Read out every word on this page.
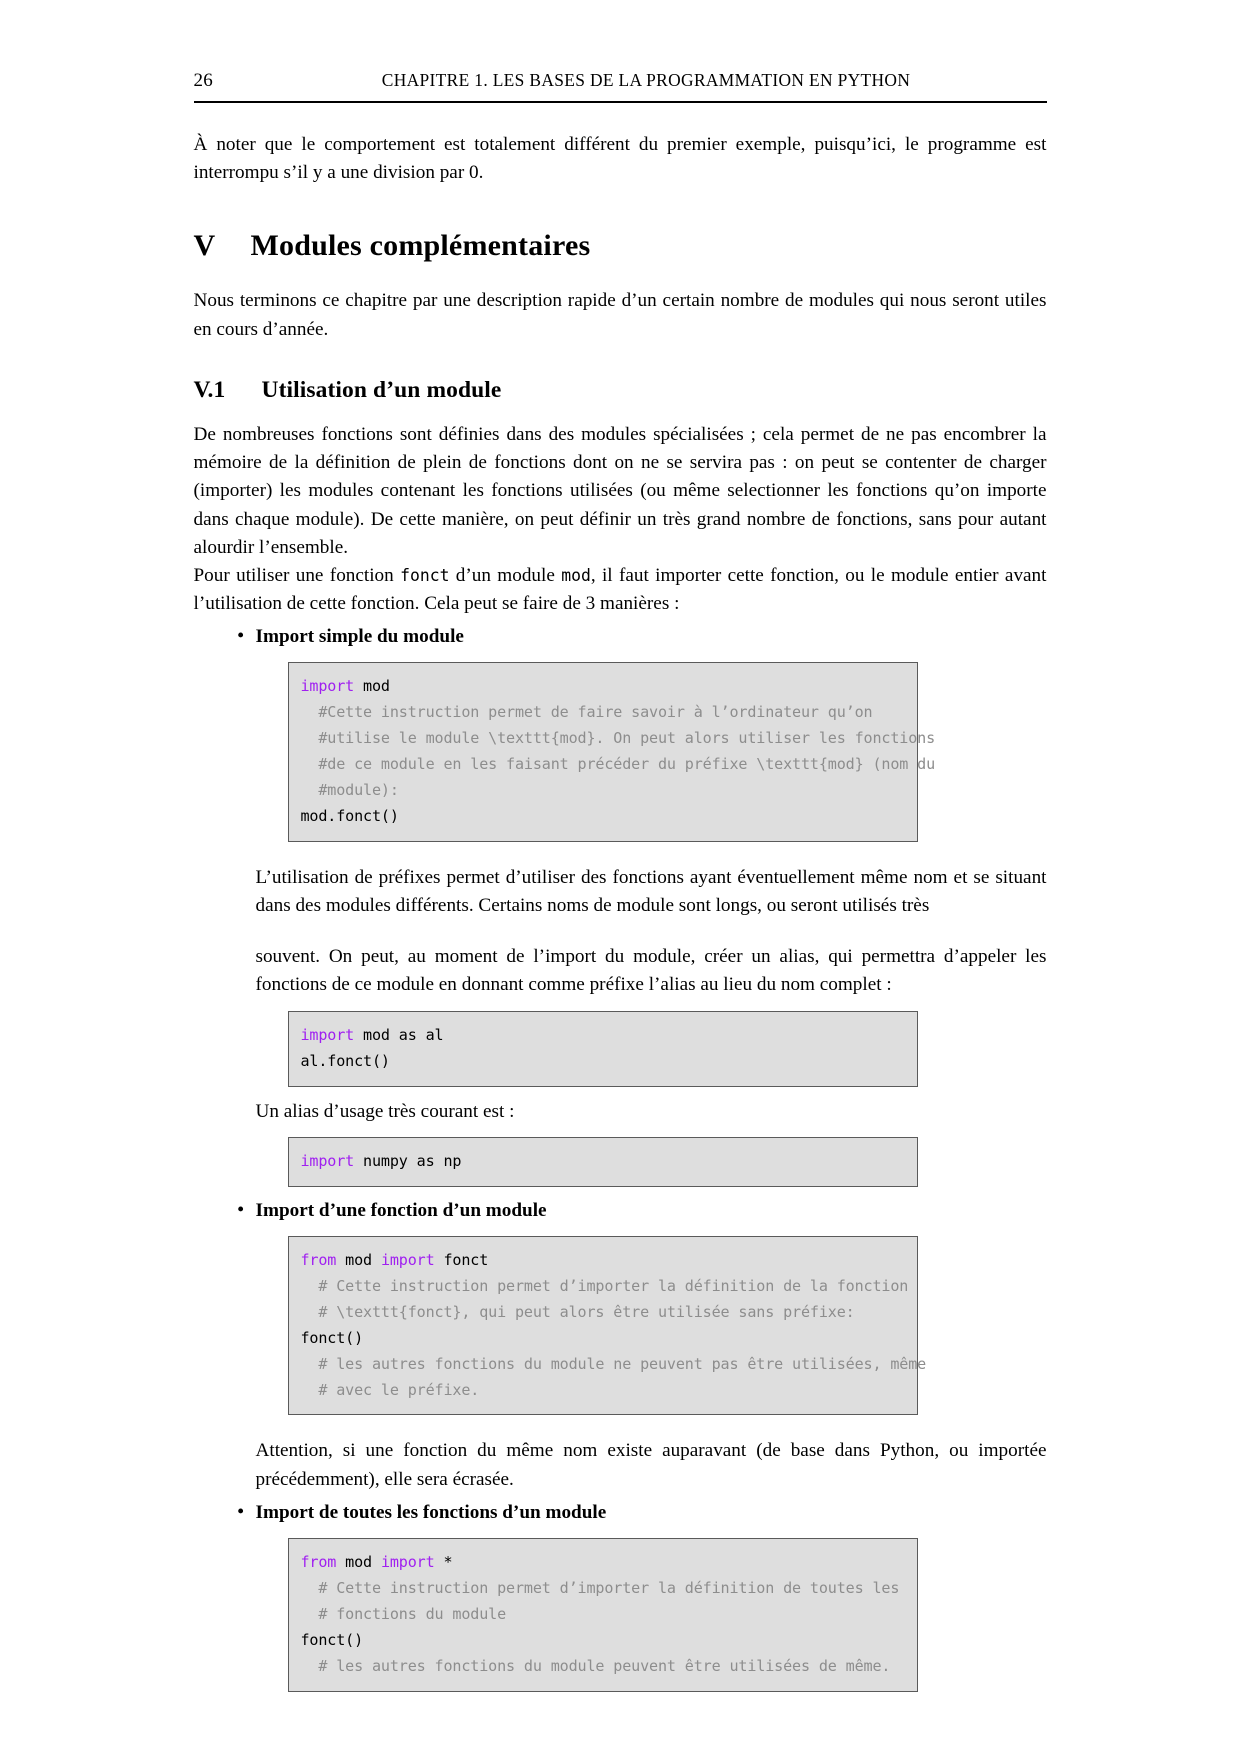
26	CHAPITRE 1. LES BASES DE LA PROGRAMMATION EN PYTHON

À noter que le comportement est totalement différent du premier exemple, puisqu’ici, le programme est interrompu s’il y a une division par 0.

V Modules complémentaires

Nous terminons ce chapitre par une description rapide d’un certain nombre de modules qui nous seront utiles en cours d’année.

V.1 Utilisation d’un module

De nombreuses fonctions sont définies dans des modules spécialisées ; cela permet de ne pas encombrer la mémoire de la définition de plein de fonctions dont on ne se servira pas : on peut se contenter de charger (importer) les modules contenant les fonctions utilisées (ou même selectionner les fonctions qu’on importe dans chaque module). De cette manière, on peut définir un très grand nombre de fonctions, sans pour autant alourdir l’ensemble.

Pour utiliser une fonction fonct d’un module mod, il faut importer cette fonction, ou le module entier avant l’utilisation de cette fonction. Cela peut se faire de 3 manières :

• Import simple du module
import mod
#Cette instruction permet de faire savoir à l’ordinateur qu’on
#utilise le module \texttt{mod}. On peut alors utiliser les fonctions
#de ce module en les faisant précéder du préfixe \texttt{mod} (nom du
#module):
mod.fonct()

L’utilisation de préfixes permet d’utiliser des fonctions ayant éventuellement même nom et se situant dans des modules différents. Certains noms de module sont longs, ou seront utilisés très

souvent. On peut, au moment de l’import du module, créer un alias, qui permettra d’appeler les fonctions de ce module en donnant comme préfixe l’alias au lieu du nom complet :

import mod as al
al.fonct()

Un alias d’usage très courant est :

import numpy as np
• Import d’une fonction d’un module
from mod import fonct
# Cette instruction permet d’importer la définition de la fonction
# \texttt{fonct}, qui peut alors être utilisée sans préfixe:
fonct()
# les autres fonctions du module ne peuvent pas être utilisées, même
# avec le préfixe.

Attention, si une fonction du même nom existe auparavant (de base dans Python, ou importée précédemment), elle sera écrasée.

• Import de toutes les fonctions d’un module
from mod import *
# Cette instruction permet d’importer la définition de toutes les
# fonctions du module
fonct()
# les autres fonctions du module peuvent être utilisées de même.
